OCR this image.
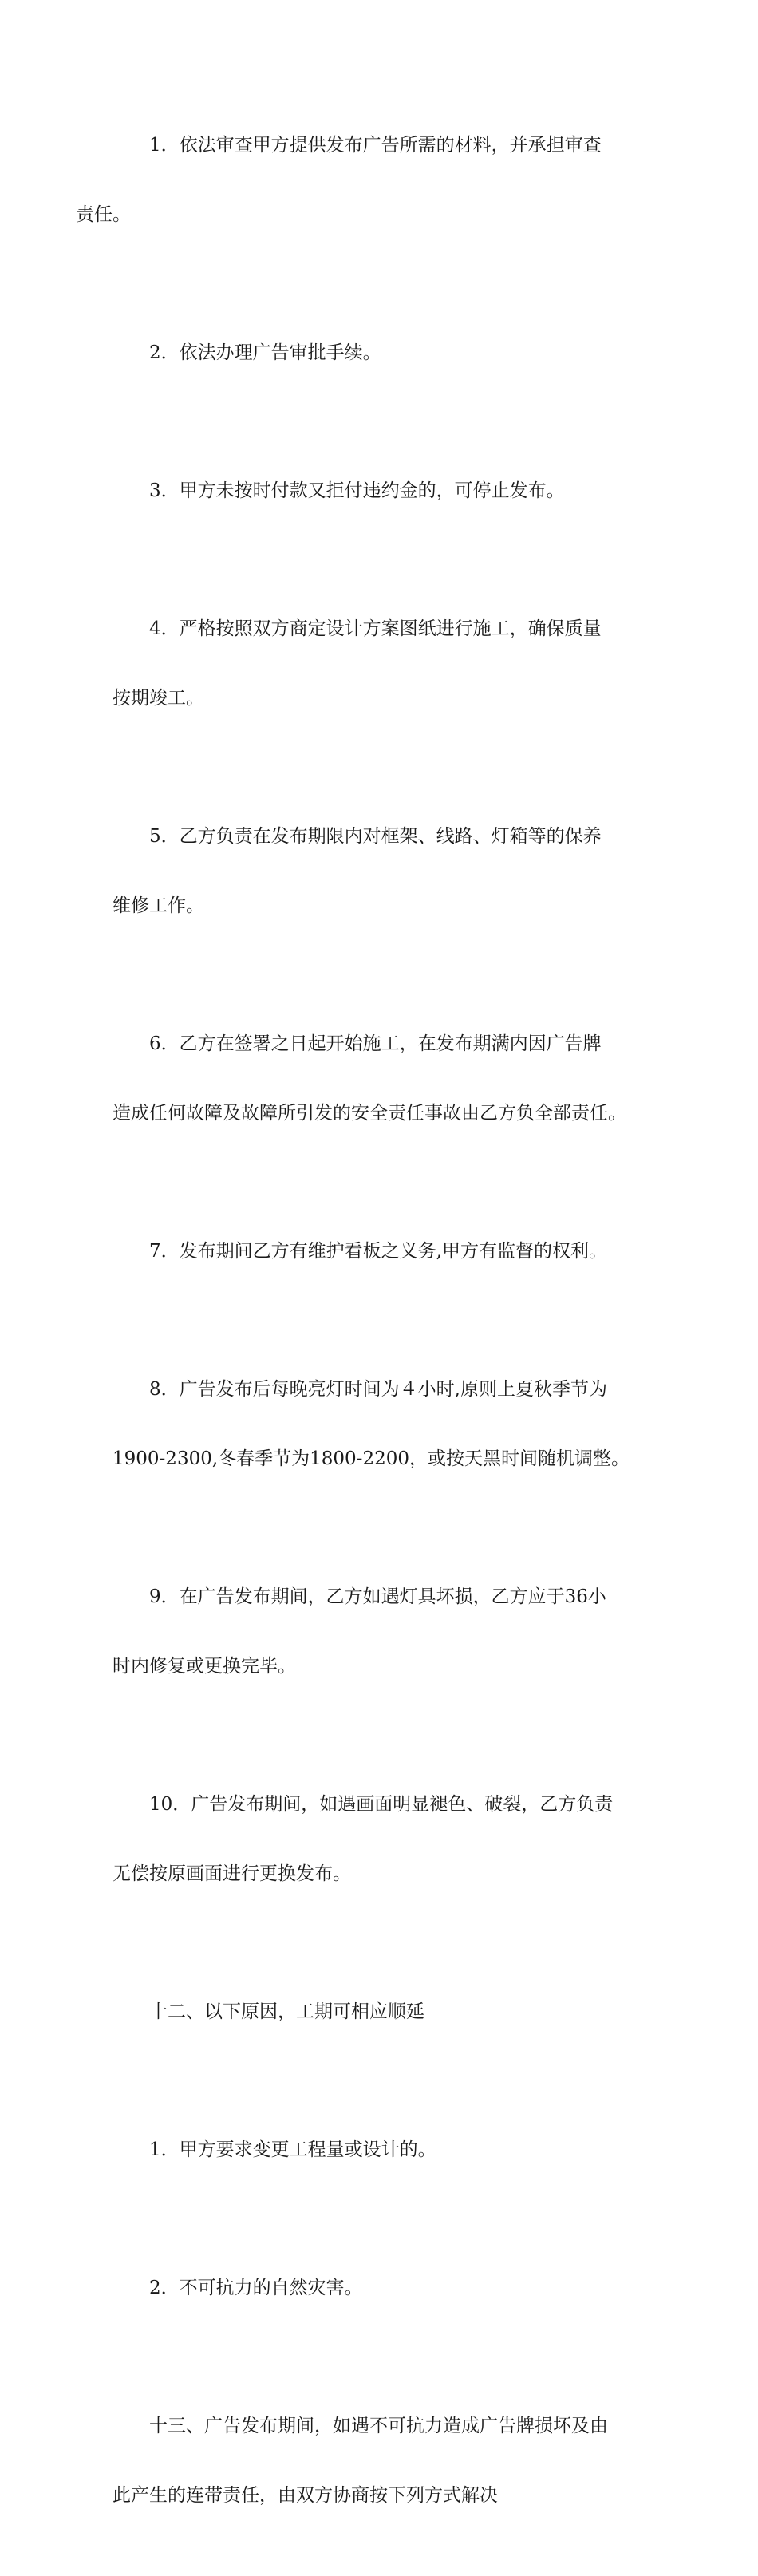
1．依法审查甲方提供发布广告所需的材料，并承担审查

责任。

2．依法办理广告审批手续。

3．甲方未按时付款又拒付违约金的，可停止发布。

4．严格按照双方商定设计方案图纸进行施工，确保质量

按期竣工。

5．乙方负责在发布期限内对框架、线路、灯箱等的保养

维修工作。

6．乙方在签署之日起开始施工，在发布期满内因广告牌

造成任何故障及故障所引发的安全责任事故由乙方负全部责任。

7．发布期间乙方有维护看板之义务,甲方有监督的权利。

8．广告发布后每晚亮灯时间为４小时,原则上夏秋季节为

1900-2300,冬春季节为1800-2200，或按天黑时间随机调整。

9．在广告发布期间，乙方如遇灯具坏损，乙方应于36小

时内修复或更换完毕。

10．广告发布期间，如遇画面明显褪色、破裂，乙方负责

无偿按原画面进行更换发布。

十二、以下原因，工期可相应顺延

1．甲方要求变更工程量或设计的。

2．不可抗力的自然灾害。

十三、广告发布期间，如遇不可抗力造成广告牌损坏及由

此产生的连带责任，由双方协商按下列方式解决
